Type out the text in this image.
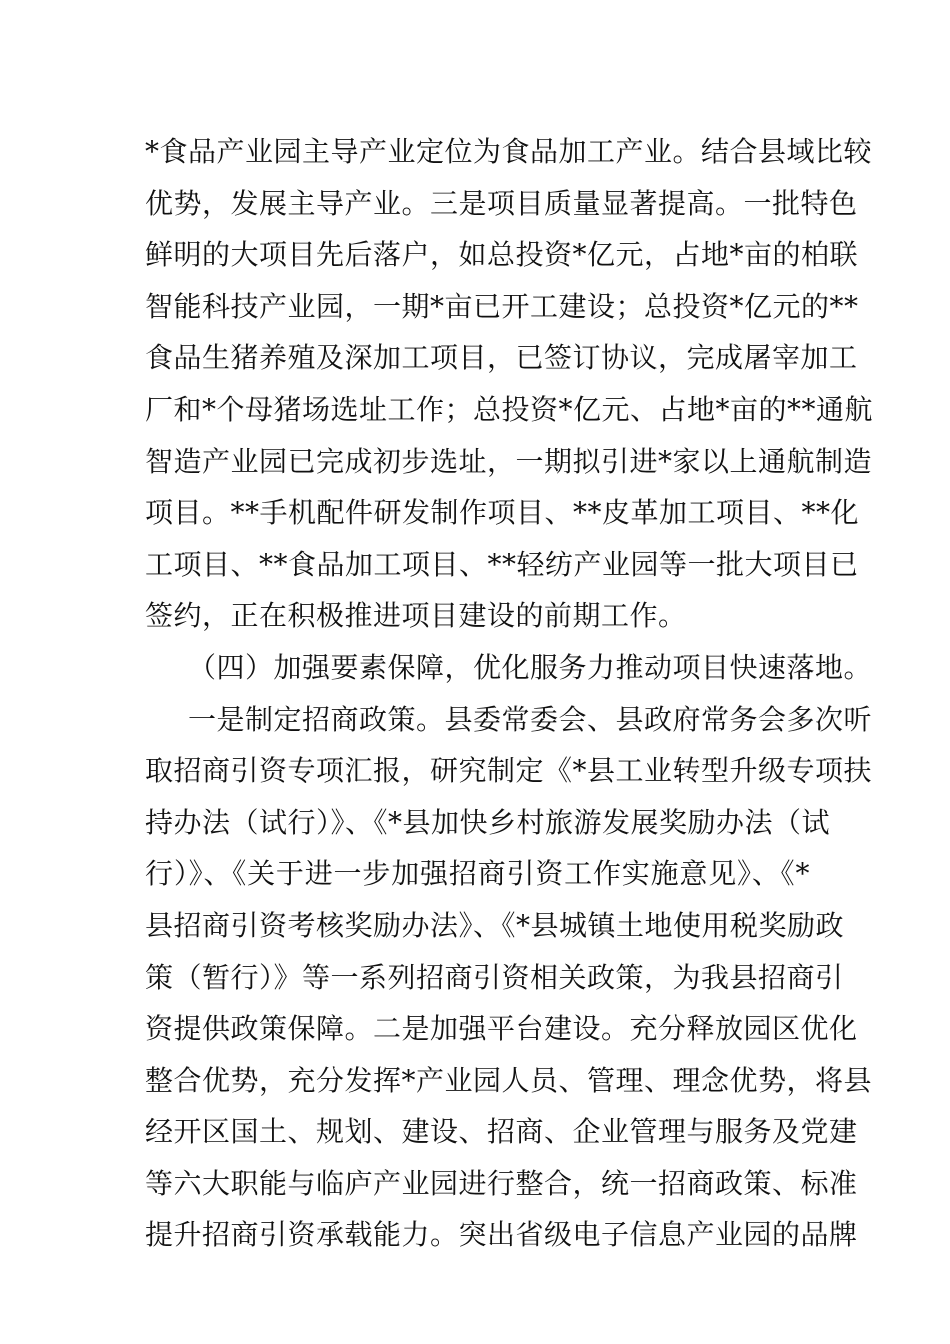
*食品产业园主导产业定位为食品加工产业。结合县域比较
优势，发展主导产业。三是项目质量显著提高。一批特色
鲜明的大项目先后落户，如总投资*亿元，占地*亩的柏联
智能科技产业园，一期*亩已开工建设；总投资*亿元的**
食品生猪养殖及深加工项目，已签订协议，完成屠宰加工
厂和*个母猪场选址工作；总投资*亿元、占地*亩的**通航
智造产业园已完成初步选址，一期拟引进*家以上通航制造
项目。**手机配件研发制作项目、**皮革加工项目、**化
工项目、**食品加工项目、**轻纺产业园等一批大项目已
签约，正在积极推进项目建设的前期工作。
（四）加强要素保障，优化服务力推动项目快速落地。
一是制定招商政策。县委常委会、县政府常务会多次听
取招商引资专项汇报，研究制定《*县工业转型升级专项扶
持办法（试行）》、《*县加快乡村旅游发展奖励办法（试
行）》、《关于进一步加强招商引资工作实施意见》、《*
县招商引资考核奖励办法》、《*县城镇土地使用税奖励政
策（暂行）》等一系列招商引资相关政策，为我县招商引
资提供政策保障。二是加强平台建设。充分释放园区优化
整合优势，充分发挥*产业园人员、管理、理念优势，将县
经开区国土、规划、建设、招商、企业管理与服务及党建
等六大职能与临庐产业园进行整合，统一招商政策、标准
提升招商引资承载能力。突出省级电子信息产业园的品牌
